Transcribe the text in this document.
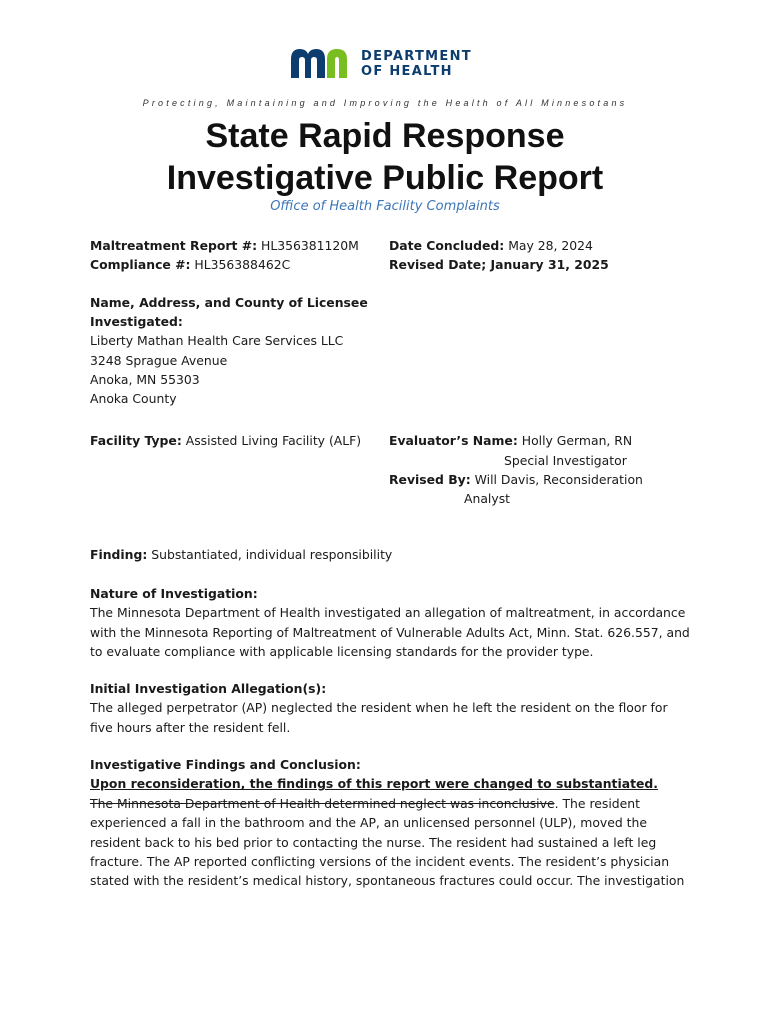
DEPARTMENT
OF HEALTH
Protecting, Maintaining and Improving the Health of All Minnesotans
State Rapid Response
Investigative Public Report
Office of Health Facility Complaints
Maltreatment Report #: HL356381120M
Compliance #: HL356388462C
Date Concluded: May 28, 2024
Revised Date; January 31, 2025
Name, Address, and County of Licensee
Investigated:
Liberty Mathan Health Care Services LLC
3248 Sprague Avenue
Anoka, MN 55303
Anoka County
Facility Type: Assisted Living Facility (ALF) Evaluator’s Name: Holly German, RN
Special Investigator
Revised By: Will Davis, Reconsideration
Analyst
Finding: Substantiated, individual responsibility
Nature of Investigation:
The Minnesota Department of Health investigated an allegation of maltreatment, in accordance with the Minnesota Reporting of Maltreatment of Vulnerable Adults Act, Minn. Stat. 626.557, and to evaluate compliance with applicable licensing standards for the provider type.
Initial Investigation Allegation(s):
The alleged perpetrator (AP) neglected the resident when he left the resident on the floor for five hours after the resident fell.
Investigative Findings and Conclusion:
Upon reconsideration, the findings of this report were changed to substantiated.
The Minnesota Department of Health determined neglect was inconclusive. The resident experienced a fall in the bathroom and the AP, an unlicensed personnel (ULP), moved the resident back to his bed prior to contacting the nurse. The resident had sustained a left leg fracture. The AP reported conflicting versions of the incident events. The resident’s physician stated with the resident’s medical history, spontaneous fractures could occur. The investigation
